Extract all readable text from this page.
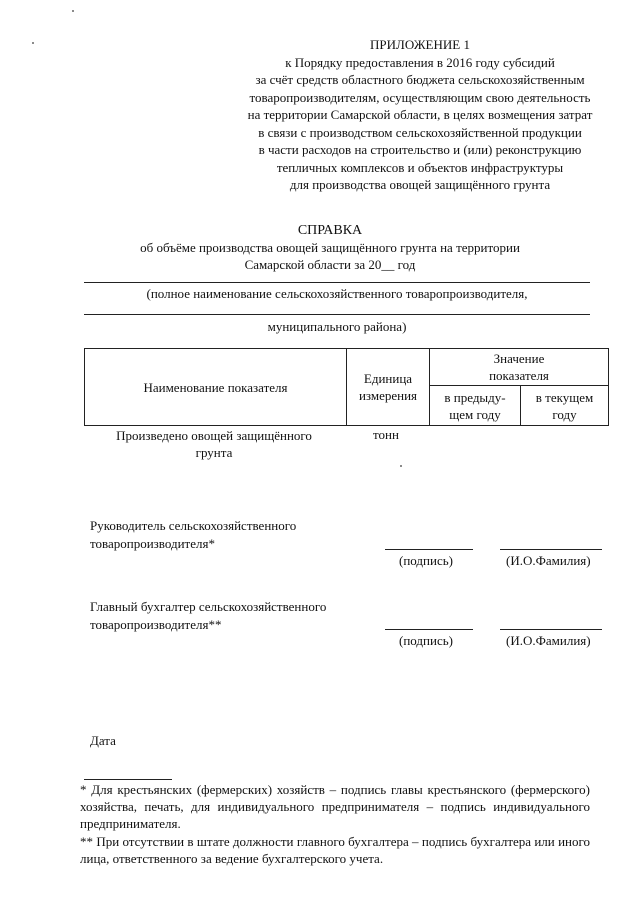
ПРИЛОЖЕНИЕ 1
к Порядку предоставления в 2016 году субсидий
за счёт средств областного бюджета сельскохозяйственным
товаропроизводителям, осуществляющим свою деятельность
на территории Самарской области, в целях возмещения затрат
в связи с производством сельскохозяйственной продукции
в части расходов на строительство и (или) реконструкцию
тепличных комплексов и объектов инфраструктуры
для производства овощей защищённого грунта
СПРАВКА
об объёме производства овощей защищённого грунта на территории
Самарской области за 20__ год
(полное наименование сельскохозяйственного товаропроизводителя,
муниципального района)
Наименование показателя
Единица измерения
Значение показателя
в предыду-щем году
в текущем году
Произведено овощей защищённого грунта
тонн
Руководитель сельскохозяйственного
товаропроизводителя*
(подпись)	(И.О.Фамилия)
Главный бухгалтер сельскохозяйственного
товаропроизводителя**
(подпись)	(И.О.Фамилия)
Дата
* Для крестьянских (фермерских) хозяйств – подпись главы крестьянского (фермерского) хозяйства, печать, для индивидуального предпринимателя – подпись индивидуального предпринимателя.
** При отсутствии в штате должности главного бухгалтера – подпись бухгалтера или иного лица, ответственного за ведение бухгалтерского учета.
